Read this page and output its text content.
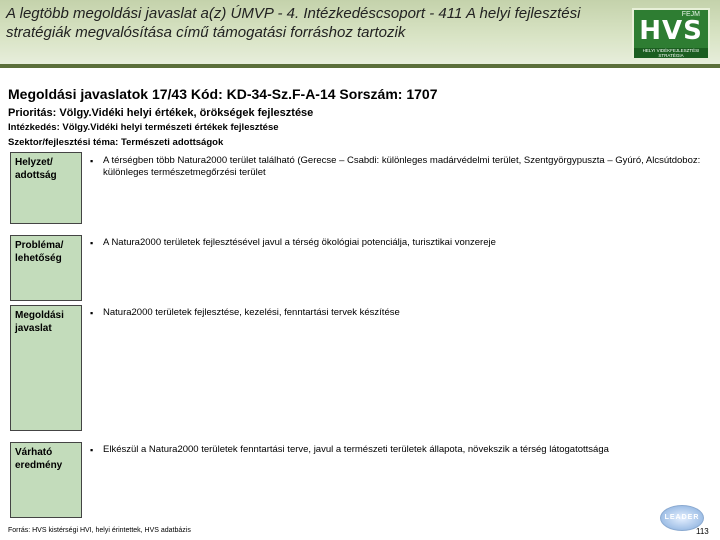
A legtöbb megoldási javaslat a(z) ÚMVP - 4. Intézkedéscsoport - 411 A helyi fejlesztési stratégiák megvalósítása című támogatási forráshoz tartozik
FEJM
HVS
HELYI VIDÉKFEJLESZTÉSI STRATÉGIA
Megoldási javaslatok 17/43 Kód: KD-34-Sz.F-A-14 Sorszám: 1707
Prioritás: Völgy.Vidéki helyi értékek, örökségek fejlesztése
Intézkedés: Völgy.Vidéki helyi természeti értékek fejlesztése
Szektor/fejlesztési téma: Természeti adottságok
Helyzet/ adottság
▪ A térségben több Natura2000 terület található (Gerecse – Csabdi: különleges madárvédelmi terület, Szentgyörgypuszta – Gyúró, Alcsútdoboz: különleges természetmegőrzési terület
Probléma/ lehetőség
▪ A Natura2000 területek fejlesztésével javul a térség ökológiai potenciálja, turisztikai vonzereje
Megoldási javaslat
▪ Natura2000 területek fejlesztése, kezelési, fenntartási tervek készítése
Várható eredmény
▪ Elkészül a Natura2000 területek fenntartási terve, javul a természeti területek állapota, növekszik a térség látogatottsága
Forrás: HVS kistérségi HVI, helyi érintettek, HVS adatbázis
LEADER
113
